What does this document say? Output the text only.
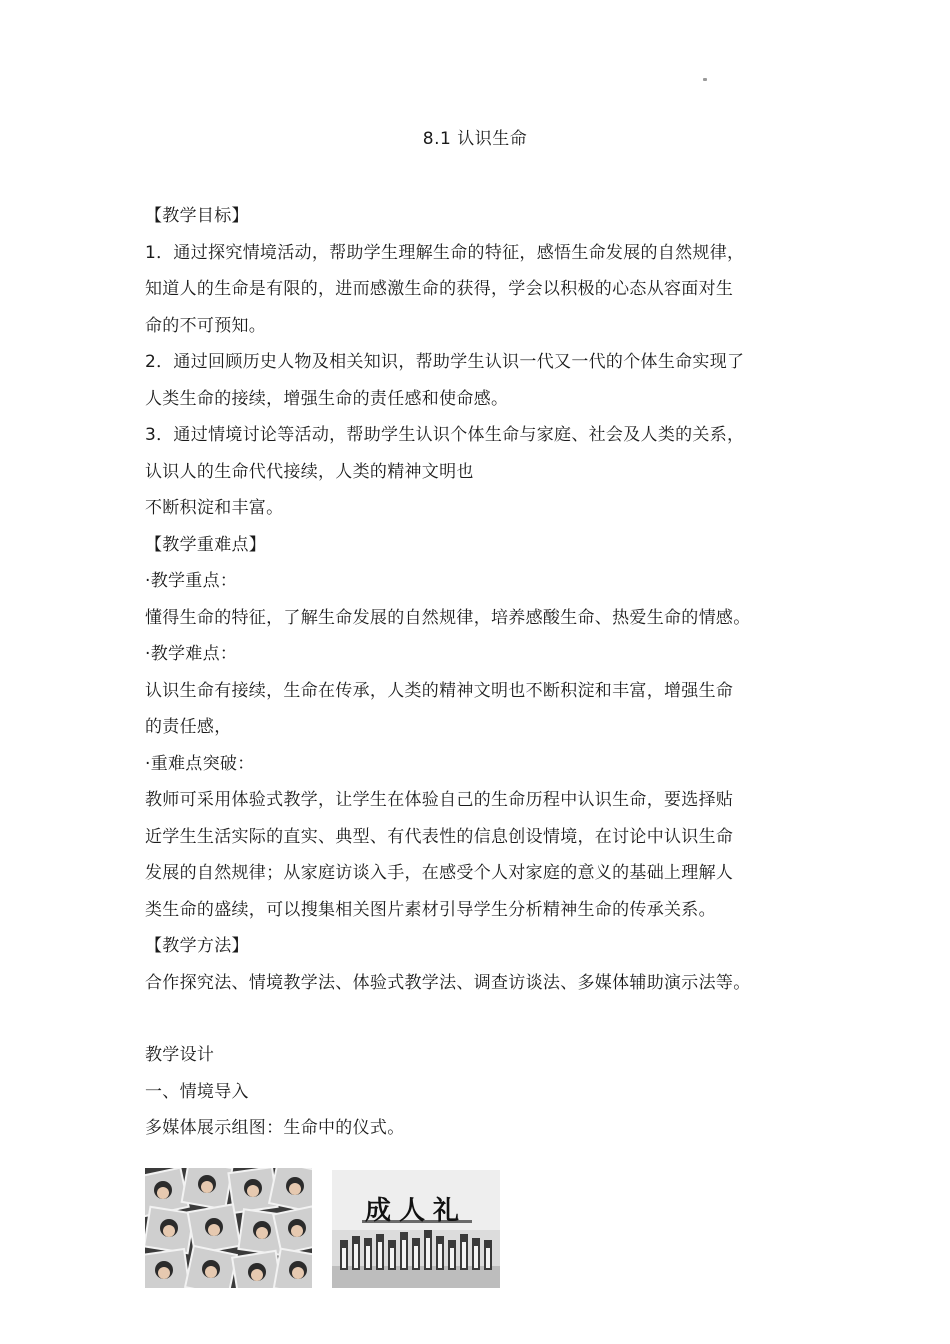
8.1 认识生命
【教学目标】
1．通过探究情境活动，帮助学生理解生命的特征，感悟生命发展的自然规律，
知道人的生命是有限的，进而感激生命的获得，学会以积极的心态从容面对生
命的不可预知。
2．通过回顾历史人物及相关知识，帮助学生认识一代又一代的个体生命实现了
人类生命的接续，增强生命的责任感和使命感。
3．通过情境讨论等活动，帮助学生认识个体生命与家庭、社会及人类的关系，
认识人的生命代代接续，人类的精神文明也
不断积淀和丰富。
【教学重难点】
·教学重点：
懂得生命的特征，了解生命发展的自然规律，培养感酸生命、热爱生命的情感。
·教学难点：
认识生命有接续，生命在传承，人类的精神文明也不断积淀和丰富，增强生命
的责任感，
·重难点突破：
教师可采用体验式教学，让学生在体验自己的生命历程中认识生命，要选择贴
近学生生活实际的直实、典型、有代表性的信息创设情境，在讨论中认识生命
发展的自然规律；从家庭访谈入手，在感受个人对家庭的意义的基础上理解人
类生命的盛续，可以搜集相关图片素材引导学生分析精神生命的传承关系。
【教学方法】
合作探究法、情境教学法、体验式教学法、调查访谈法、多媒体辅助演示法等。
教学设计
一、情境导入
多媒体展示组图：生命中的仪式。
成人礼
